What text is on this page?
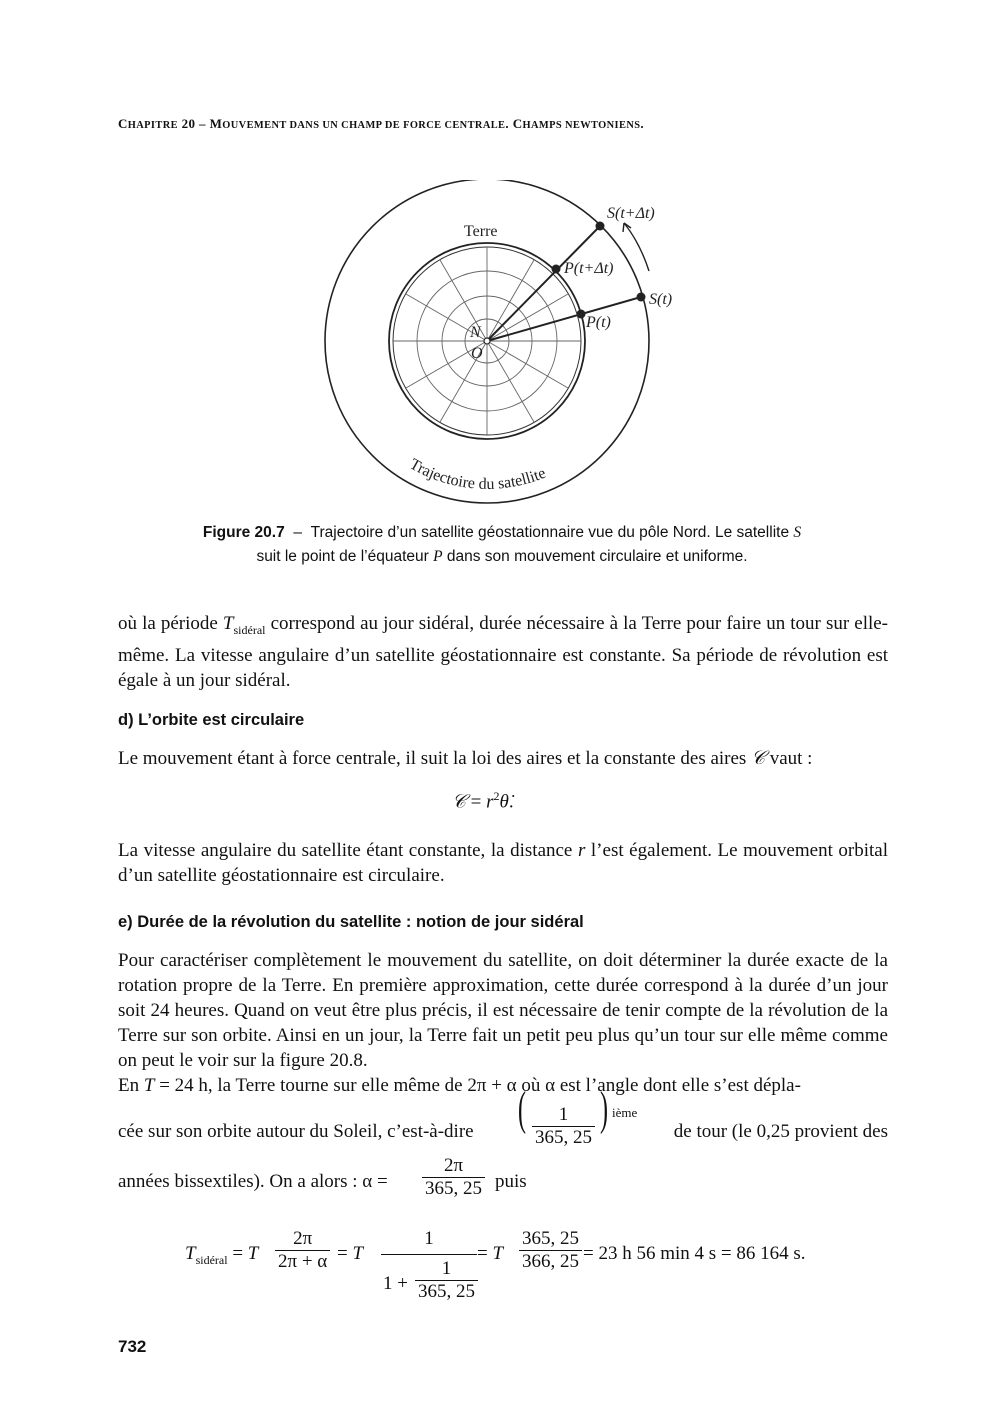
CHAPITRE 20 – MOUVEMENT DANS UN CHAMP DE FORCE CENTRALE. CHAMPS NEWTONIENS.
Terre
N
O
S(t+Δt)
P(t+Δt)
S(t)
P(t)
Trajectoire du satellite
Figure 20.7 – Trajectoire d’un satellite géostationnaire vue du pôle Nord. Le satellite S
suit le point de l’équateur P dans son mouvement circulaire et uniforme.
où la période $T_{sidéral}$ correspond au jour sidéral, durée nécessaire à la Terre pour faire un tour sur elle-même. La vitesse angulaire d’un satellite géostationnaire est constante. Sa période de révolution est égale à un jour sidéral.
d) L’orbite est circulaire
Le mouvement étant à force centrale, il suit la loi des aires et la constante des aires 𝒞 vaut :
𝒞 = $r^2\thetȧ$.
La vitesse angulaire du satellite étant constante, la distance r l’est également. Le mouvement orbital d’un satellite géostationnaire est circulaire.
e) Durée de la révolution du satellite : notion de jour sidéral
Pour caractériser complètement le mouvement du satellite, on doit déterminer la durée exacte de la rotation propre de la Terre. En première approximation, cette durée correspond à la durée d’un jour soit 24 heures. Quand on veut être plus précis, il est nécessaire de tenir compte de la révolution de la Terre sur son orbite. Ainsi en un jour, la Terre fait un petit peu plus qu’un tour sur elle même comme on peut le voir sur la figure 20.8.
En T = 24 h, la Terre tourne sur elle même de 2π + α où α est l’angle dont elle s’est dépla-
cée sur son orbite autour du Soleil, c’est-à-dire ( $\frac{1}{365, 25}$ ) ième
de tour (le 0,25 provient des
années bissextiles). On a alors : $\alpha = \frac{2\pi}{365, 25}$ puis
$T_{sidéral} = T \frac{2\pi}{2\pi + \alpha} = T$
1
$1 + \frac{1}{365, 25}$
= T $\frac{365, 25}{366, 25} = 23$ h 56 min 4 s = 86 164 s.
732
